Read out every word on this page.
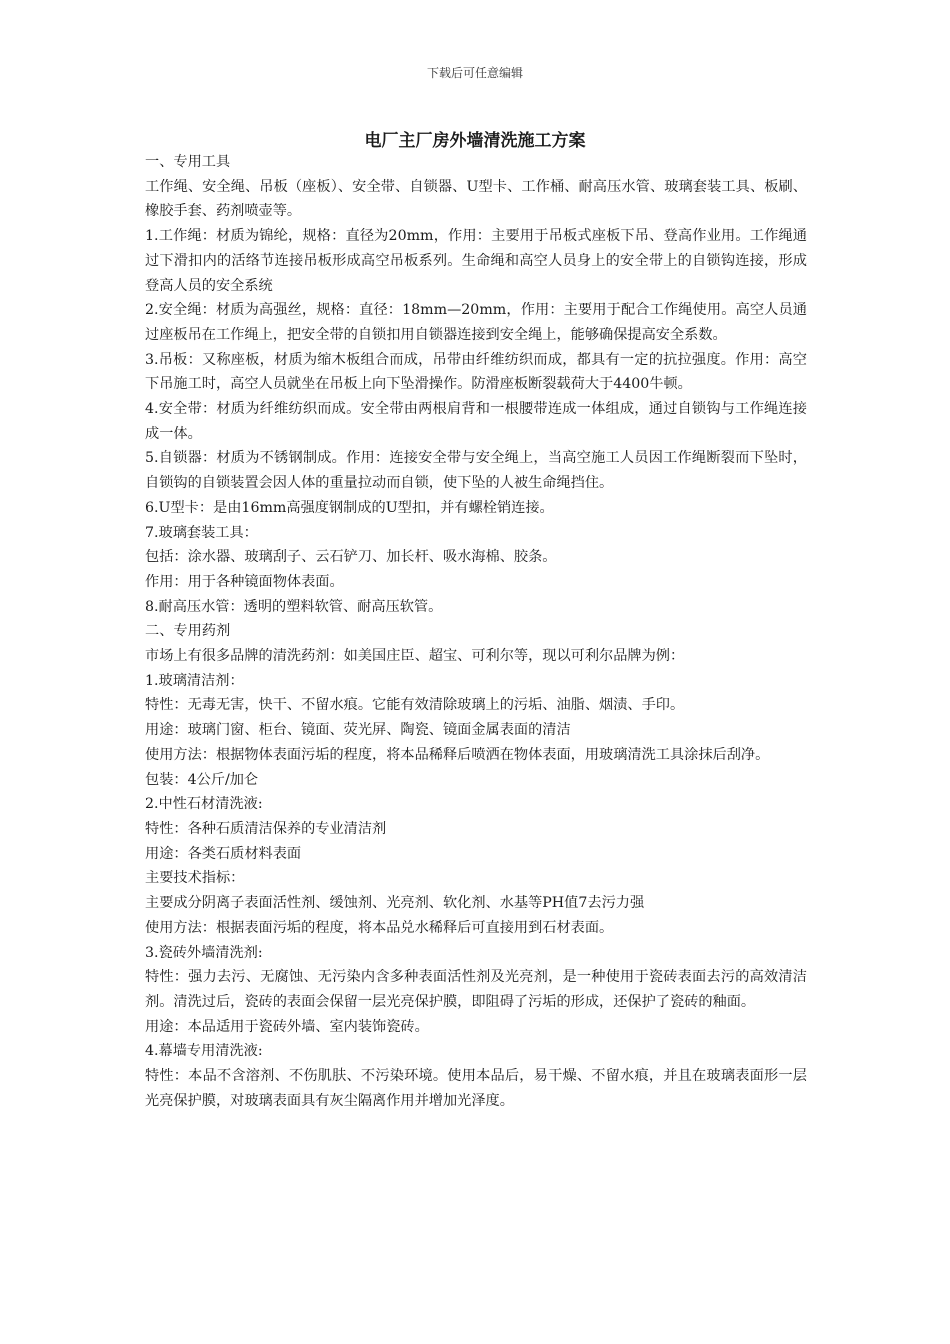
下载后可任意编辑
电厂主厂房外墙清洗施工方案

一、专用工具

工作绳、安全绳、吊板（座板）、安全带、自锁器、U型卡、工作桶、耐高压水管、玻璃套装工具、板刷、橡胶手套、药剂喷壶等。

1.工作绳：材质为锦纶，规格：直径为20mm，作用：主要用于吊板式座板下吊、登高作业用。工作绳通过下滑扣内的活络节连接吊板形成高空吊板系列。生命绳和高空人员身上的安全带上的自锁钩连接，形成登高人员的安全系统

2.安全绳：材质为高强丝，规格：直径：18mm—20mm，作用：主要用于配合工作绳使用。高空人员通过座板吊在工作绳上，把安全带的自锁扣用自锁器连接到安全绳上，能够确保提高安全系数。

3.吊板：又称座板，材质为缩木板组合而成，吊带由纤维纺织而成，都具有一定的抗拉强度。作用：高空下吊施工时，高空人员就坐在吊板上向下坠滑操作。防滑座板断裂载荷大于4400牛顿。

4.安全带：材质为纤维纺织而成。安全带由两根肩背和一根腰带连成一体组成，通过自锁钩与工作绳连接成一体。

5.自锁器：材质为不锈钢制成。作用：连接安全带与安全绳上，当高空施工人员因工作绳断裂而下坠时，自锁钩的自锁装置会因人体的重量拉动而自锁，使下坠的人被生命绳挡住。

6.U型卡：是由16mm高强度钢制成的U型扣，并有螺栓销连接。

7.玻璃套装工具：

包括：涂水器、玻璃刮子、云石铲刀、加长杆、吸水海棉、胶条。

作用：用于各种镜面物体表面。

8.耐高压水管：透明的塑料软管、耐高压软管。

二、专用药剂

市场上有很多品牌的清洗药剂：如美国庄臣、超宝、可利尔等，现以可利尔品牌为例：

1.玻璃清洁剂：

特性：无毒无害，快干、不留水痕。它能有效清除玻璃上的污垢、油脂、烟渍、手印。

用途：玻璃门窗、柜台、镜面、荧光屏、陶瓷、镜面金属表面的清洁

使用方法：根据物体表面污垢的程度，将本品稀释后喷洒在物体表面，用玻璃清洗工具涂抹后刮净。

包装：4公斤/加仑

2.中性石材清洗液:

特性：各种石质清洁保养的专业清洁剂

用途：各类石质材料表面

主要技术指标：

主要成分阴离子表面活性剂、缓蚀剂、光亮剂、软化剂、水基等PH值7去污力强

使用方法：根据表面污垢的程度，将本品兑水稀释后可直接用到石材表面。

3.瓷砖外墙清洗剂:

特性：强力去污、无腐蚀、无污染内含多种表面活性剂及光亮剂，是一种使用于瓷砖表面去污的高效清洁剂。清洗过后，瓷砖的表面会保留一层光亮保护膜，即阻碍了污垢的形成，还保护了瓷砖的釉面。

用途：本品适用于瓷砖外墙、室内装饰瓷砖。

4.幕墙专用清洗液:

特性：本品不含溶剂、不伤肌肤、不污染环境。使用本品后，易干燥、不留水痕，并且在玻璃表面形一层光亮保护膜，对玻璃表面具有灰尘隔离作用并增加光泽度。
